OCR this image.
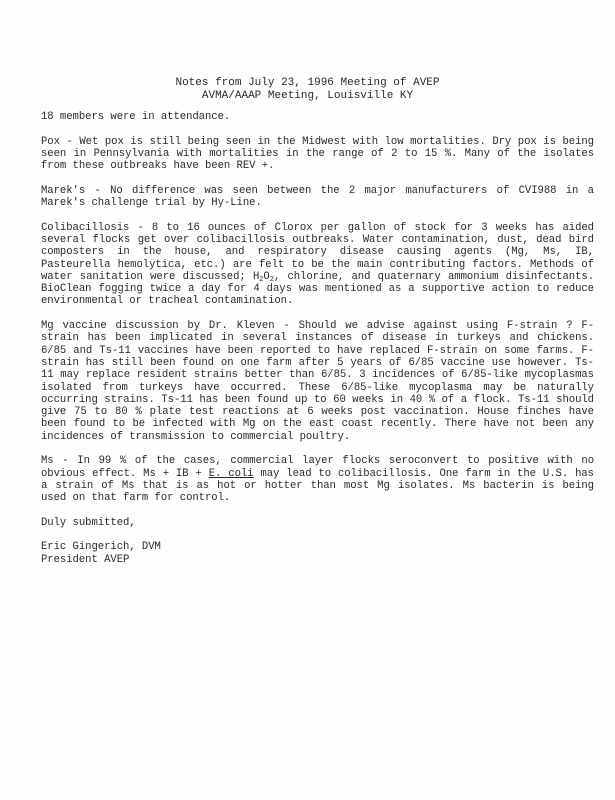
Notes from July 23, 1996 Meeting of AVEP
AVMA/AAAP Meeting, Louisville KY

18 members were in attendance.

Pox - Wet pox is still being seen in the Midwest with low mortalities. Dry pox is being seen in Pennsylvania with mortalities in the range of 2 to 15 %. Many of the isolates from these outbreaks have been REV +.

Marek's - No difference was seen between the 2 major manufacturers of CVI988 in a Marek's challenge trial by Hy-Line.

Colibacillosis - 8 to 16 ounces of Clorox per gallon of stock for 3 weeks has aided several flocks get over colibacillosis outbreaks. Water contamination, dust, dead bird composters in the house, and respiratory disease causing agents (Mg, Ms, IB, Pasteurella hemolytica, etc.) are felt to be the main contributing factors. Methods of water sanitation were discussed; $H_2O_2$, chlorine, and quaternary ammonium disinfectants. BioClean fogging twice a day for 4 days was mentioned as a supportive action to reduce environmental or tracheal contamination.

Mg vaccine discussion by Dr. Kleven - Should we advise against using F-strain ? F-strain has been implicated in several instances of disease in turkeys and chickens. 6/85 and Ts-11 vaccines have been reported to have replaced F-strain on some farms. F-strain has still been found on one farm after 5 years of 6/85 vaccine use however. Ts-11 may replace resident strains better than 6/85. 3 incidences of 6/85-like mycoplasmas isolated from turkeys have occurred. These 6/85-like mycoplasma may be naturally occurring strains. Ts-11 has been found up to 60 weeks in 40 % of a flock. Ts-11 should give 75 to 80 % plate test reactions at 6 weeks post vaccination. House finches have been found to be infected with Mg on the east coast recently. There have not been any incidences of transmission to commercial poultry.

Ms - In 99 % of the cases, commercial layer flocks seroconvert to positive with no obvious effect. Ms + IB + E. coli may lead to colibacillosis. One farm in the U.S. has a strain of Ms that is as hot or hotter than most Mg isolates. Ms bacterin is being used on that farm for control.

Duly submitted,

Eric Gingerich, DVM

President AVEP
